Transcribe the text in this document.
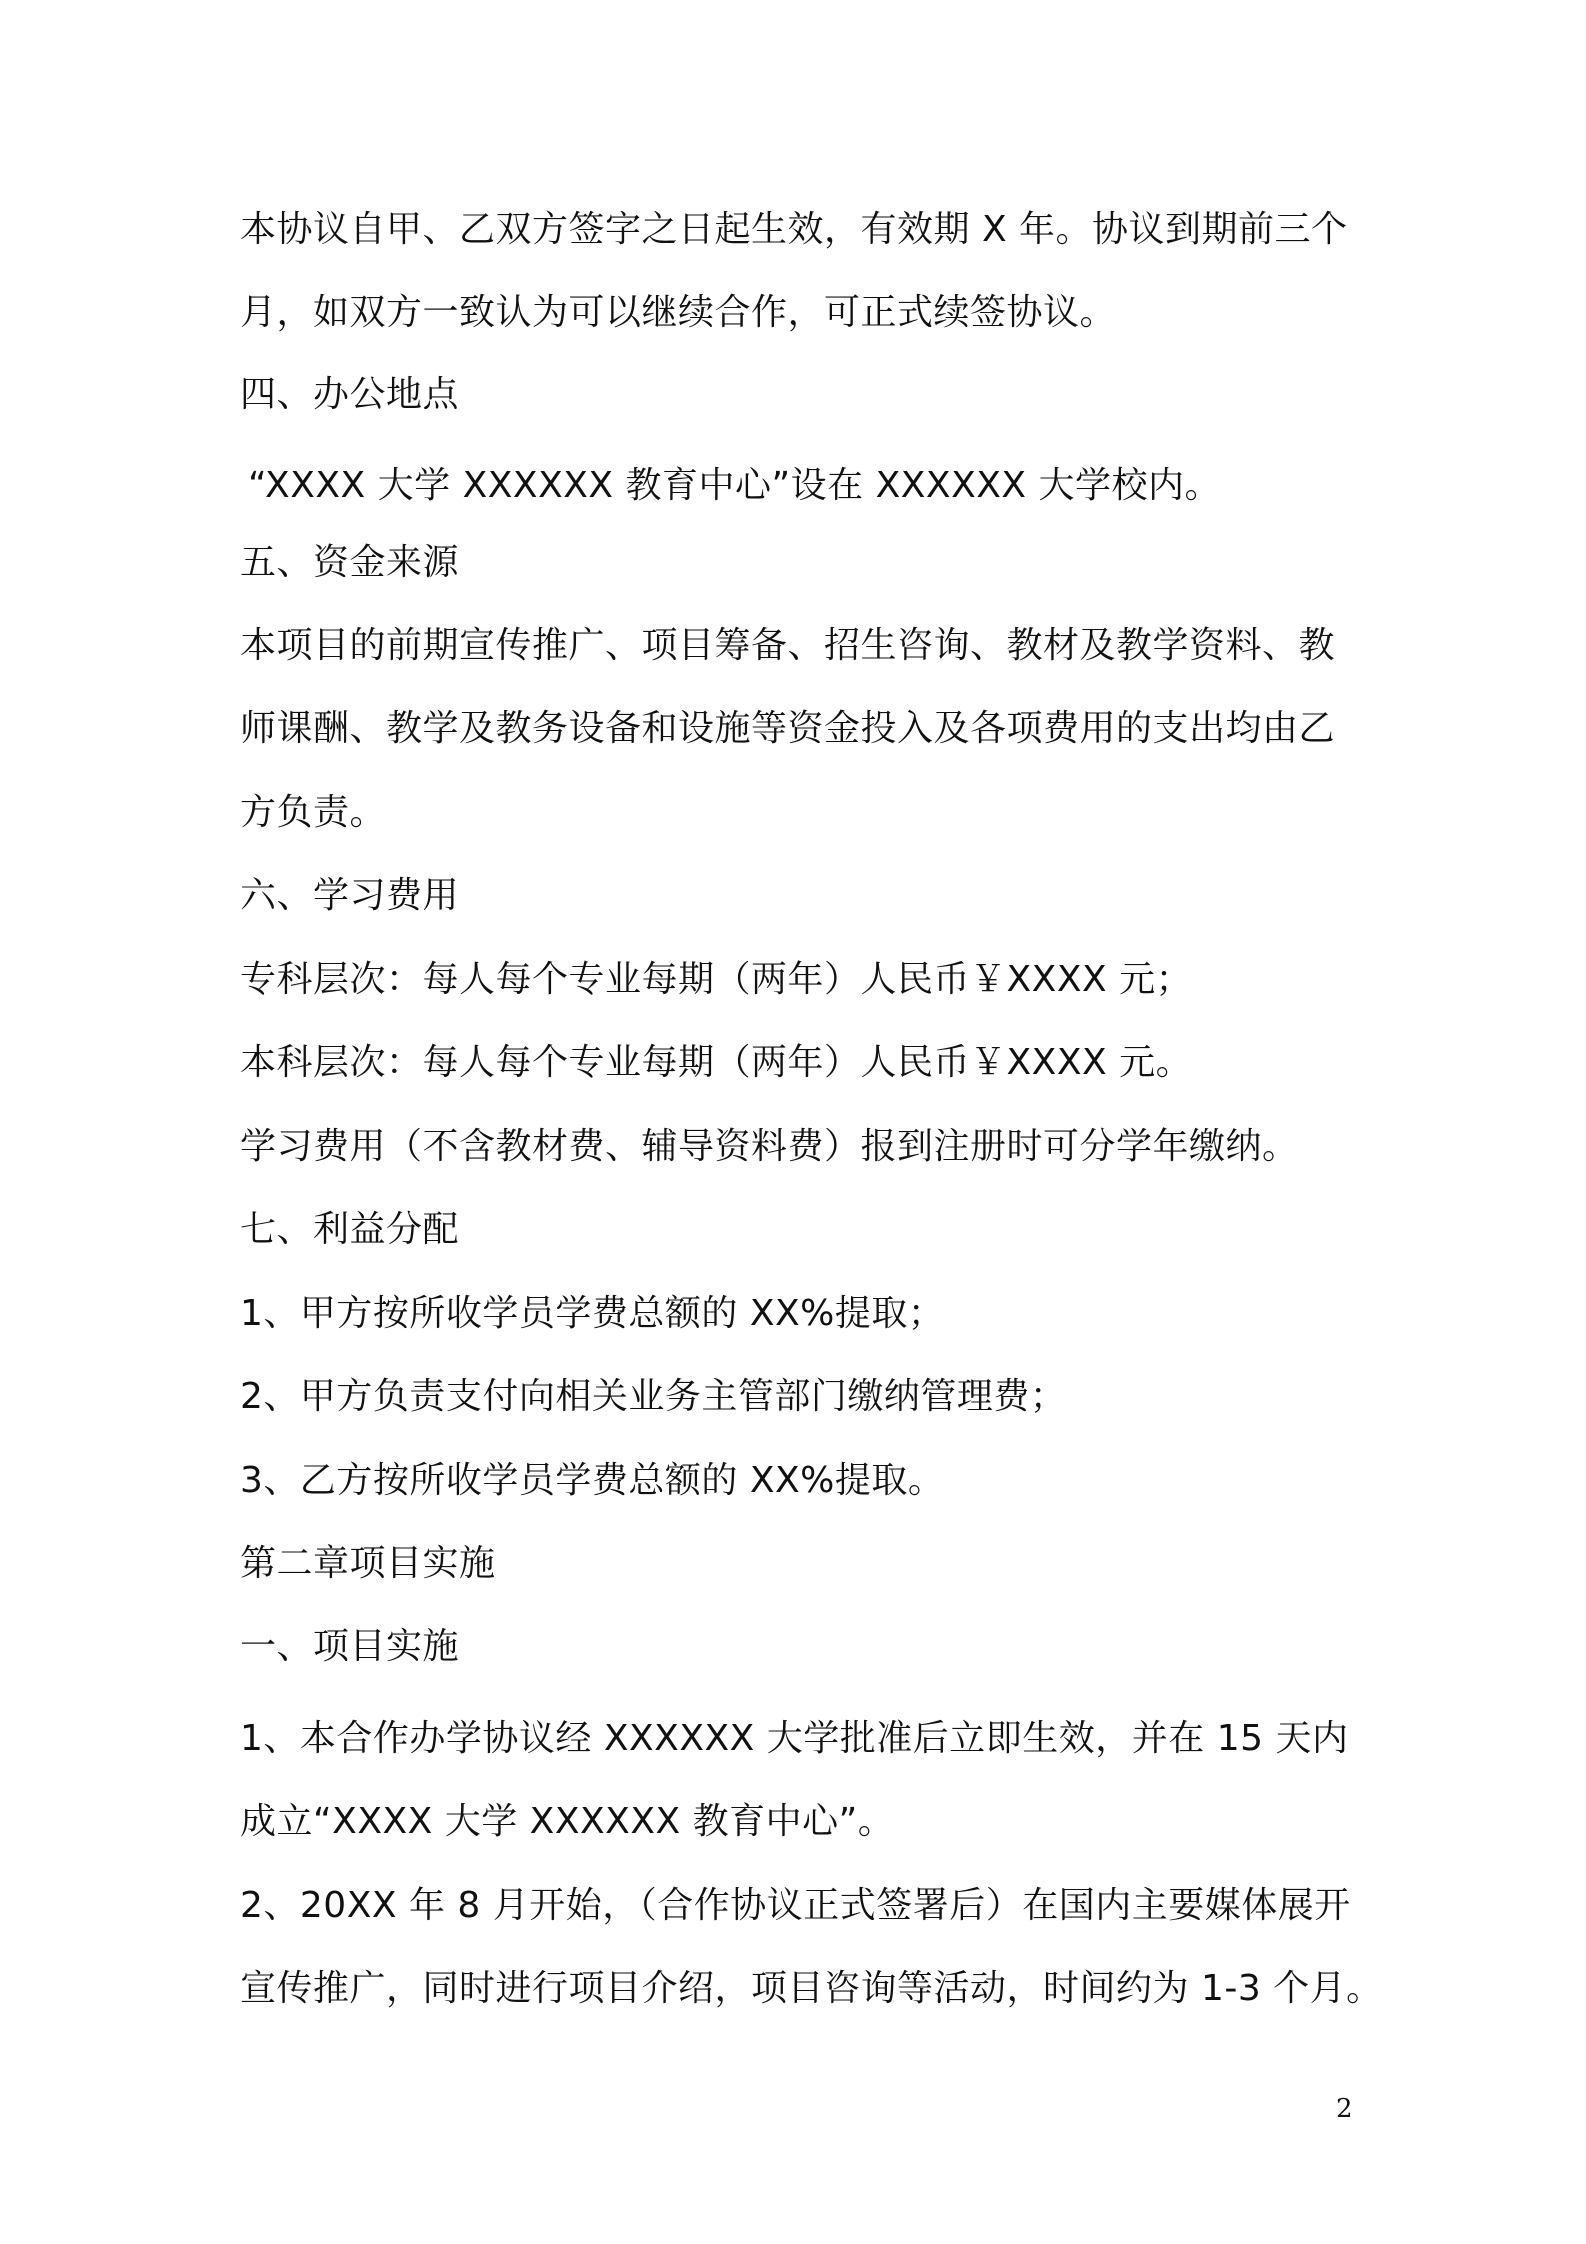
本协议自甲、乙双方签字之日起生效，有效期 X 年。协议到期前三个
月，如双方一致认为可以继续合作，可正式续签协议。
四、办公地点
“XXXX 大学 XXXXXX 教育中心”设在 XXXXXX 大学校内。
五、资金来源
本项目的前期宣传推广、项目筹备、招生咨询、教材及教学资料、教
师课酬、教学及教务设备和设施等资金投入及各项费用的支出均由乙
方负责。
六、学习费用
专科层次：每人每个专业每期（两年）人民币￥XXXX 元；
本科层次：每人每个专业每期（两年）人民币￥XXXX 元。
学习费用（不含教材费、辅导资料费）报到注册时可分学年缴纳。
七、利益分配
1、甲方按所收学员学费总额的 XX%提取；
2、甲方负责支付向相关业务主管部门缴纳管理费；
3、乙方按所收学员学费总额的 XX%提取。
第二章项目实施
一、项目实施
1、本合作办学协议经 XXXXXX 大学批准后立即生效，并在 15 天内
成立“XXXX 大学 XXXXXX 教育中心”。
2、20XX 年 8 月开始，（合作协议正式签署后）在国内主要媒体展开
宣传推广，同时进行项目介绍，项目咨询等活动，时间约为 1-3 个月。
2
